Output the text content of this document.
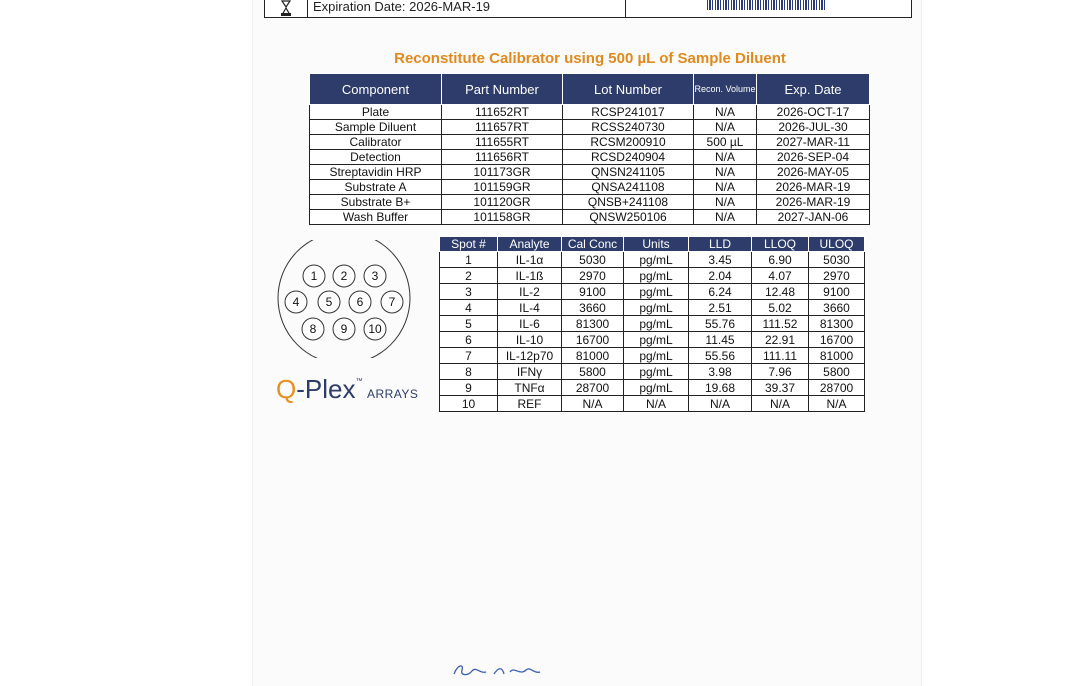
Expiration Date: 2026-MAR-19
Reconstitute Calibrator using 500 µL of Sample Diluent
Component	Part Number	Lot Number	Recon. Volume	Exp. Date
Plate	111652RT	RCSP241017	N/A	2026-OCT-17
Sample Diluent	111657RT	RCSS240730	N/A	2026-JUL-30
Calibrator	111655RT	RCSM200910	500 µL	2027-MAR-11
Detection	111656RT	RCSD240904	N/A	2026-SEP-04
Streptavidin HRP	101173GR	QNSN241105	N/A	2026-MAY-05
Substrate A	101159GR	QNSA241108	N/A	2026-MAR-19
Substrate B+	101120GR	QNSB+241108	N/A	2026-MAR-19
Wash Buffer	101158GR	QNSW250106	N/A	2027-JAN-06
1 2 3
4 5 6 7
8 9 10
Spot #	Analyte	Cal Conc	Units	LLD	LLOQ	ULOQ
1	IL-1α	5030	pg/mL	3.45	6.90	5030
2	IL-1ß	2970	pg/mL	2.04	4.07	2970
3	IL-2	9100	pg/mL	6.24	12.48	9100
4	IL-4	3660	pg/mL	2.51	5.02	3660
5	IL-6	81300	pg/mL	55.76	111.52	81300
6	IL-10	16700	pg/mL	11.45	22.91	16700
7	IL-12p70	81000	pg/mL	55.56	111.11	81000
8	IFNγ	5800	pg/mL	3.98	7.96	5800
9	TNFα	28700	pg/mL	19.68	39.37	28700
10	REF	N/A	N/A	N/A	N/A	N/A
Q-Plex™ ARRAYS
